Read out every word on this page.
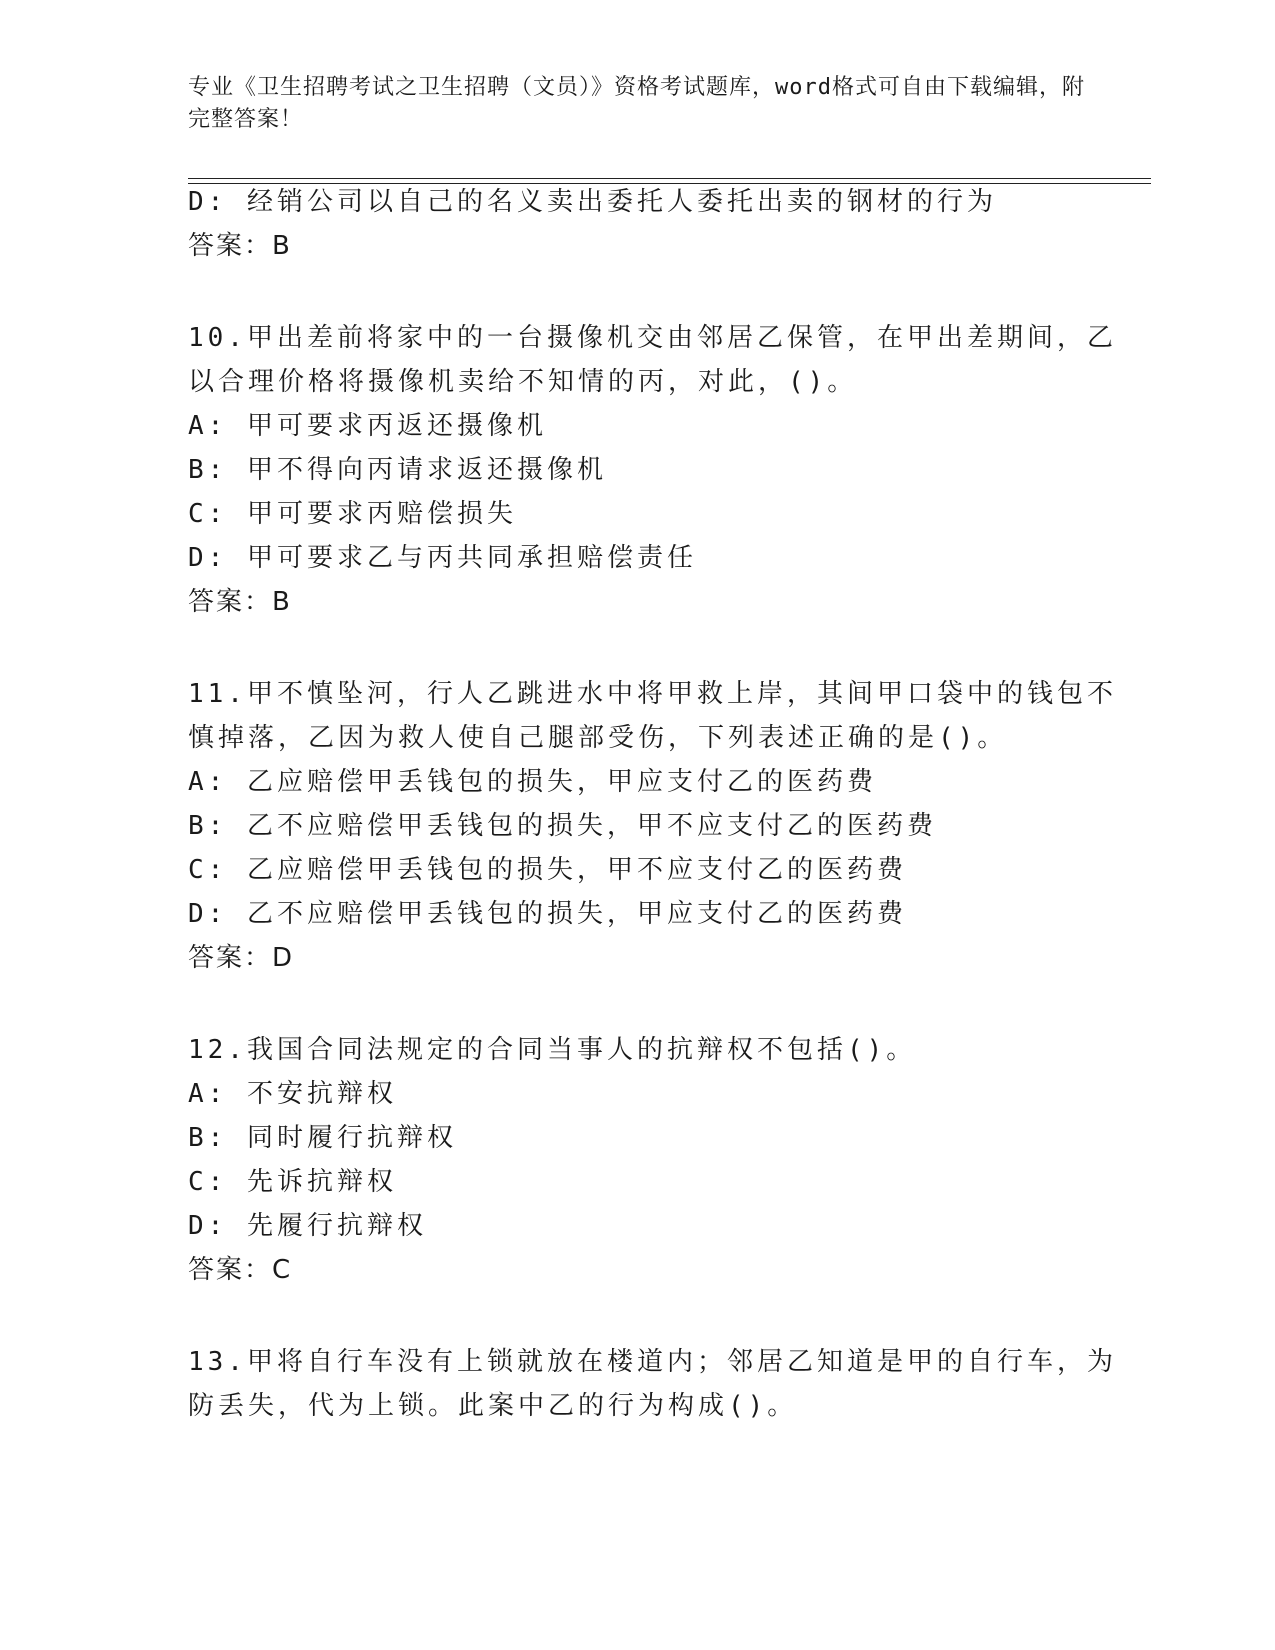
专业《卫生招聘考试之卫生招聘（文员）》资格考试题库，word格式可自由下载编辑，附完整答案！
D: 经销公司以自己的名义卖出委托人委托出卖的钢材的行为
答案：B
10.甲出差前将家中的一台摄像机交由邻居乙保管，在甲出差期间，乙
以合理价格将摄像机卖给不知情的丙，对此，()。
A: 甲可要求丙返还摄像机
B: 甲不得向丙请求返还摄像机
C: 甲可要求丙赔偿损失
D: 甲可要求乙与丙共同承担赔偿责任
答案：B
11.甲不慎坠河，行人乙跳进水中将甲救上岸，其间甲口袋中的钱包不
慎掉落，乙因为救人使自己腿部受伤，下列表述正确的是()。
A: 乙应赔偿甲丢钱包的损失，甲应支付乙的医药费
B: 乙不应赔偿甲丢钱包的损失，甲不应支付乙的医药费
C: 乙应赔偿甲丢钱包的损失，甲不应支付乙的医药费
D: 乙不应赔偿甲丢钱包的损失，甲应支付乙的医药费
答案：D
12.我国合同法规定的合同当事人的抗辩权不包括()。
A: 不安抗辩权
B: 同时履行抗辩权
C: 先诉抗辩权
D: 先履行抗辩权
答案：C
13.甲将自行车没有上锁就放在楼道内；邻居乙知道是甲的自行车，为
防丢失，代为上锁。此案中乙的行为构成()。
